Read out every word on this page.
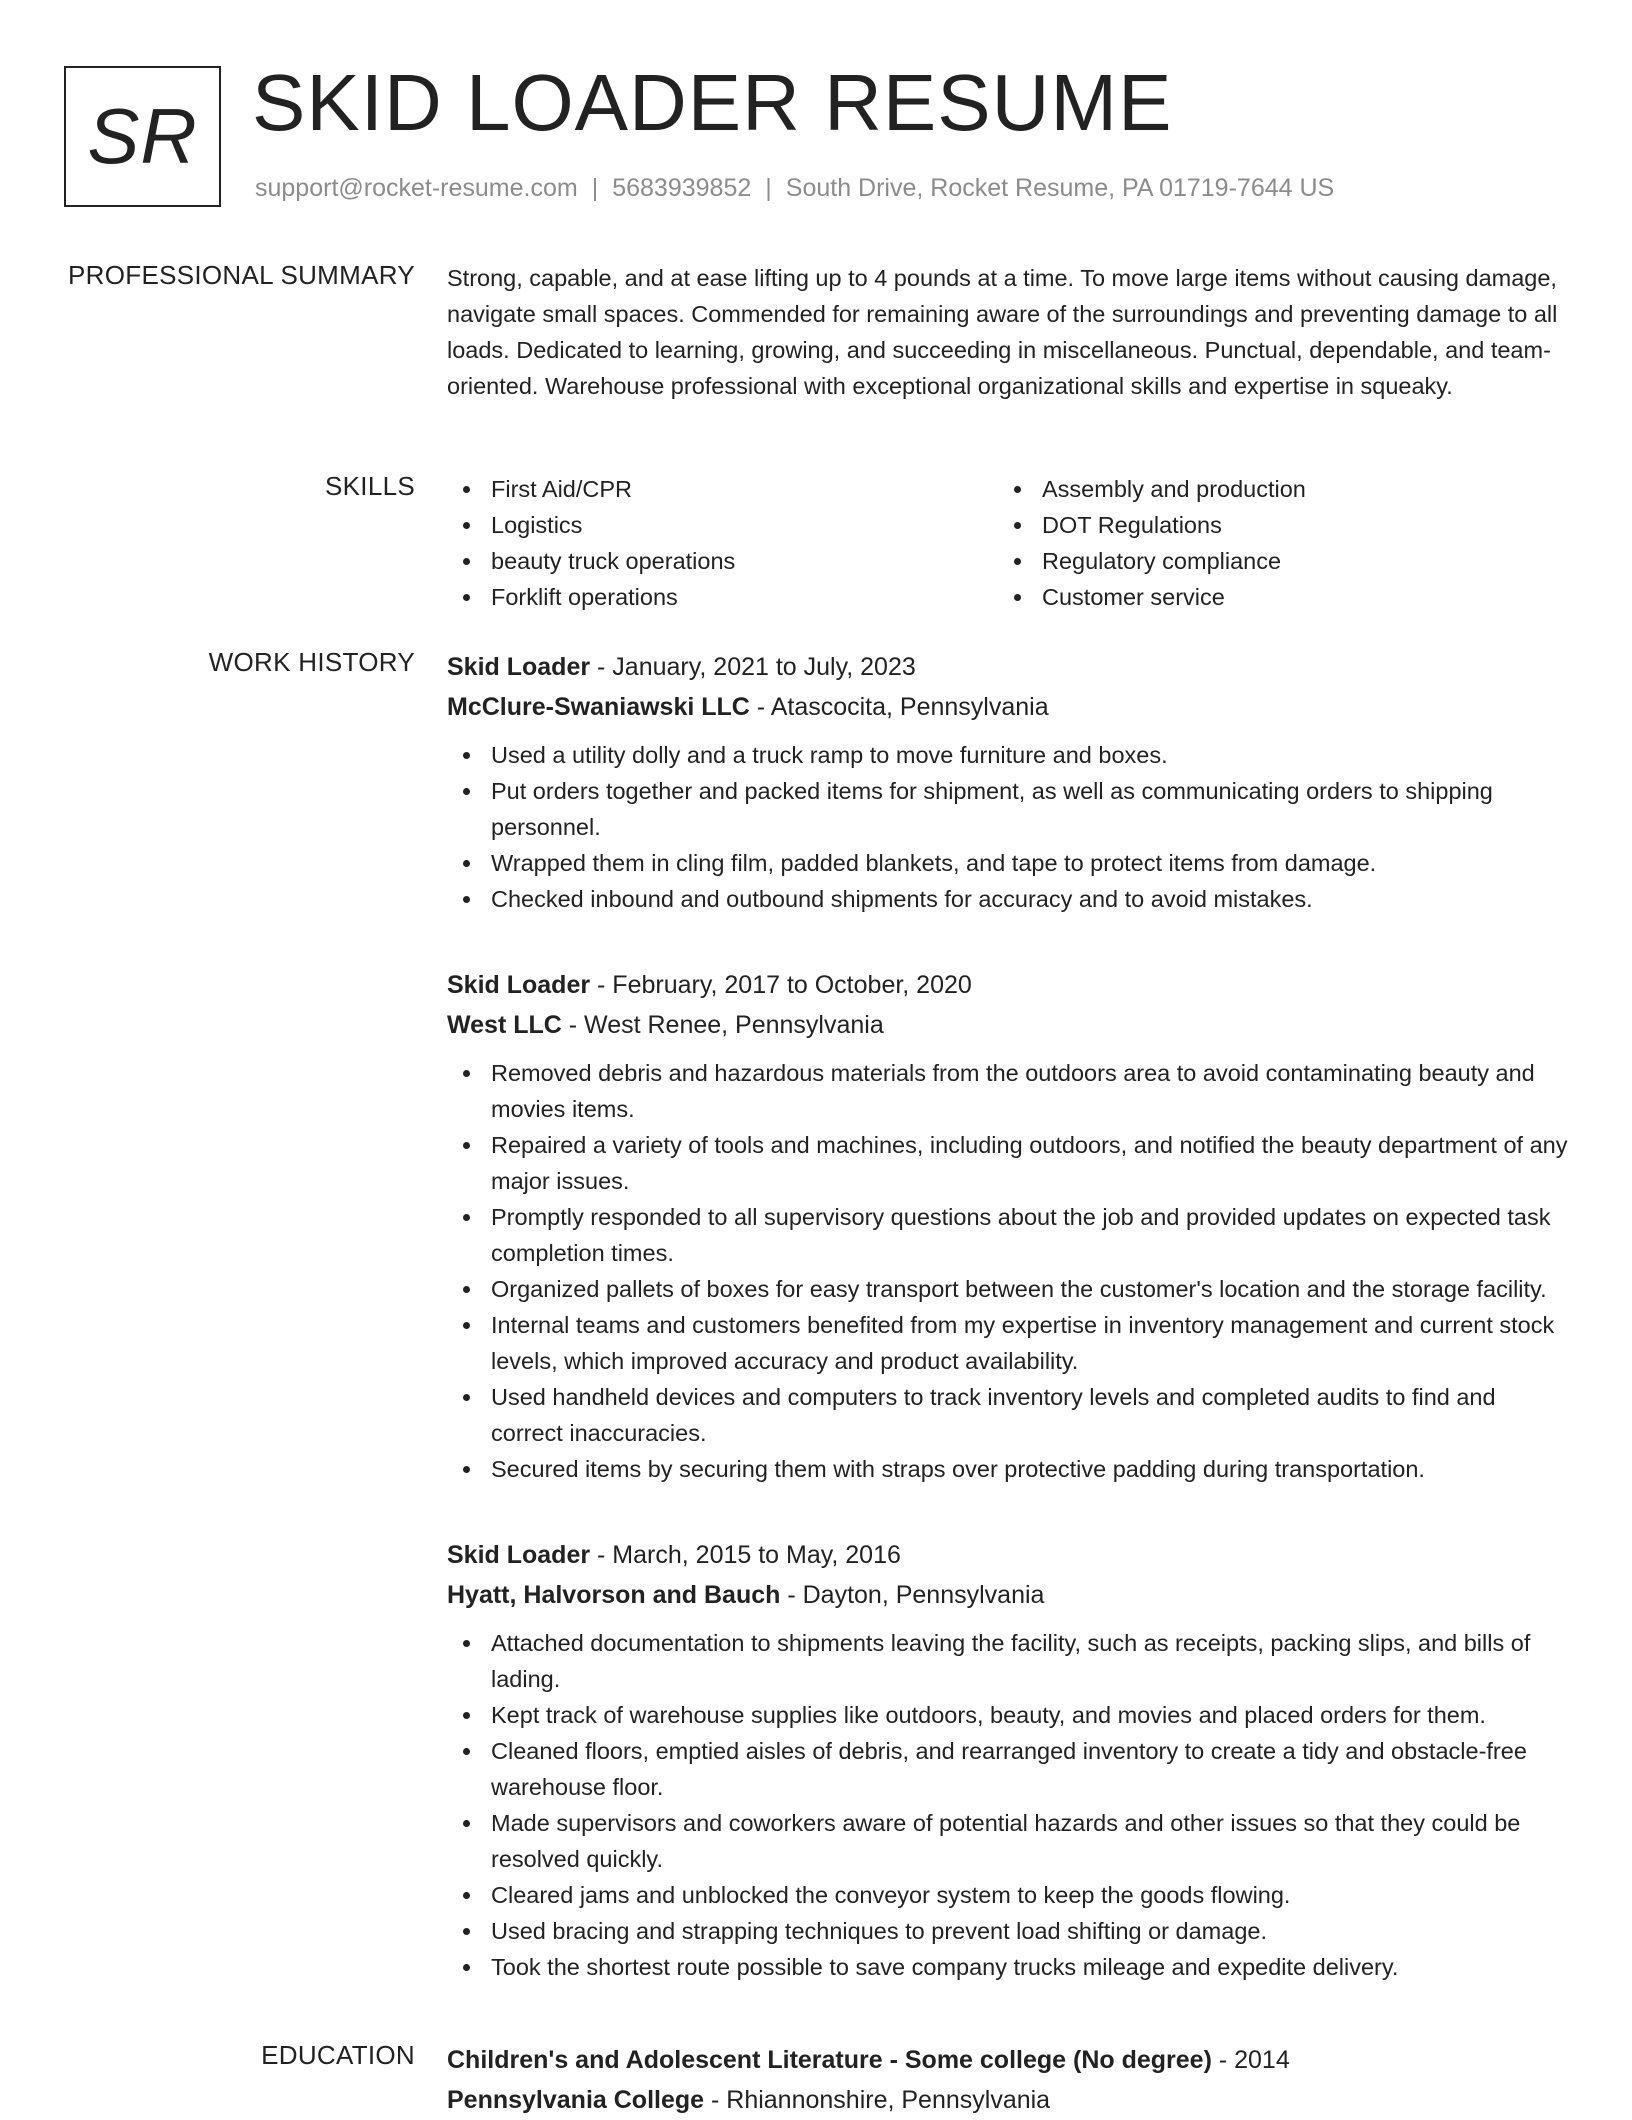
SR SKID LOADER RESUME
support@rocket-resume.com | 5683939852 | South Drive, Rocket Resume, PA 01719-7644 US
PROFESSIONAL SUMMARY Strong, capable, and at ease lifting up to 4 pounds at a time. To move large items without causing damage, navigate small spaces. Commended for remaining aware of the surroundings and preventing damage to all loads. Dedicated to learning, growing, and succeeding in miscellaneous. Punctual, dependable, and team-oriented. Warehouse professional with exceptional organizational skills and expertise in squeaky.

SKILLS	First Aid/CPR
Logistics
beauty truck operations
Forklift operations
Assembly and production
DOT Regulations
Regulatory compliance
Customer service
WORK HISTORY Skid Loader - January, 2021 to July, 2023
McClure-Swaniawski LLC - Atascocita, Pennsylvania
Used a utility dolly and a truck ramp to move furniture and boxes.
Put orders together and packed items for shipment, as well as communicating orders to shipping personnel.
Wrapped them in cling film, padded blankets, and tape to protect items from damage.
Checked inbound and outbound shipments for accuracy and to avoid mistakes.
Skid Loader - February, 2017 to October, 2020
West LLC - West Renee, Pennsylvania
Removed debris and hazardous materials from the outdoors area to avoid contaminating beauty and movies items.
Repaired a variety of tools and machines, including outdoors, and notified the beauty department of any major issues.
Promptly responded to all supervisory questions about the job and provided updates on expected task completion times.
Organized pallets of boxes for easy transport between the customer's location and the storage facility.
Internal teams and customers benefited from my expertise in inventory management and current stock levels, which improved accuracy and product availability.
Used handheld devices and computers to track inventory levels and completed audits to find and correct inaccuracies.
Secured items by securing them with straps over protective padding during transportation.
Skid Loader - March, 2015 to May, 2016
Hyatt, Halvorson and Bauch - Dayton, Pennsylvania
Attached documentation to shipments leaving the facility, such as receipts, packing slips, and bills of lading.
Kept track of warehouse supplies like outdoors, beauty, and movies and placed orders for them.
Cleaned floors, emptied aisles of debris, and rearranged inventory to create a tidy and obstacle-free warehouse floor.
Made supervisors and coworkers aware of potential hazards and other issues so that they could be resolved quickly.
Cleared jams and unblocked the conveyor system to keep the goods flowing.
Used bracing and strapping techniques to prevent load shifting or damage.
Took the shortest route possible to save company trucks mileage and expedite delivery.
EDUCATION Children's and Adolescent Literature - Some college (No degree) - 2014
Pennsylvania College - Rhiannonshire, Pennsylvania
